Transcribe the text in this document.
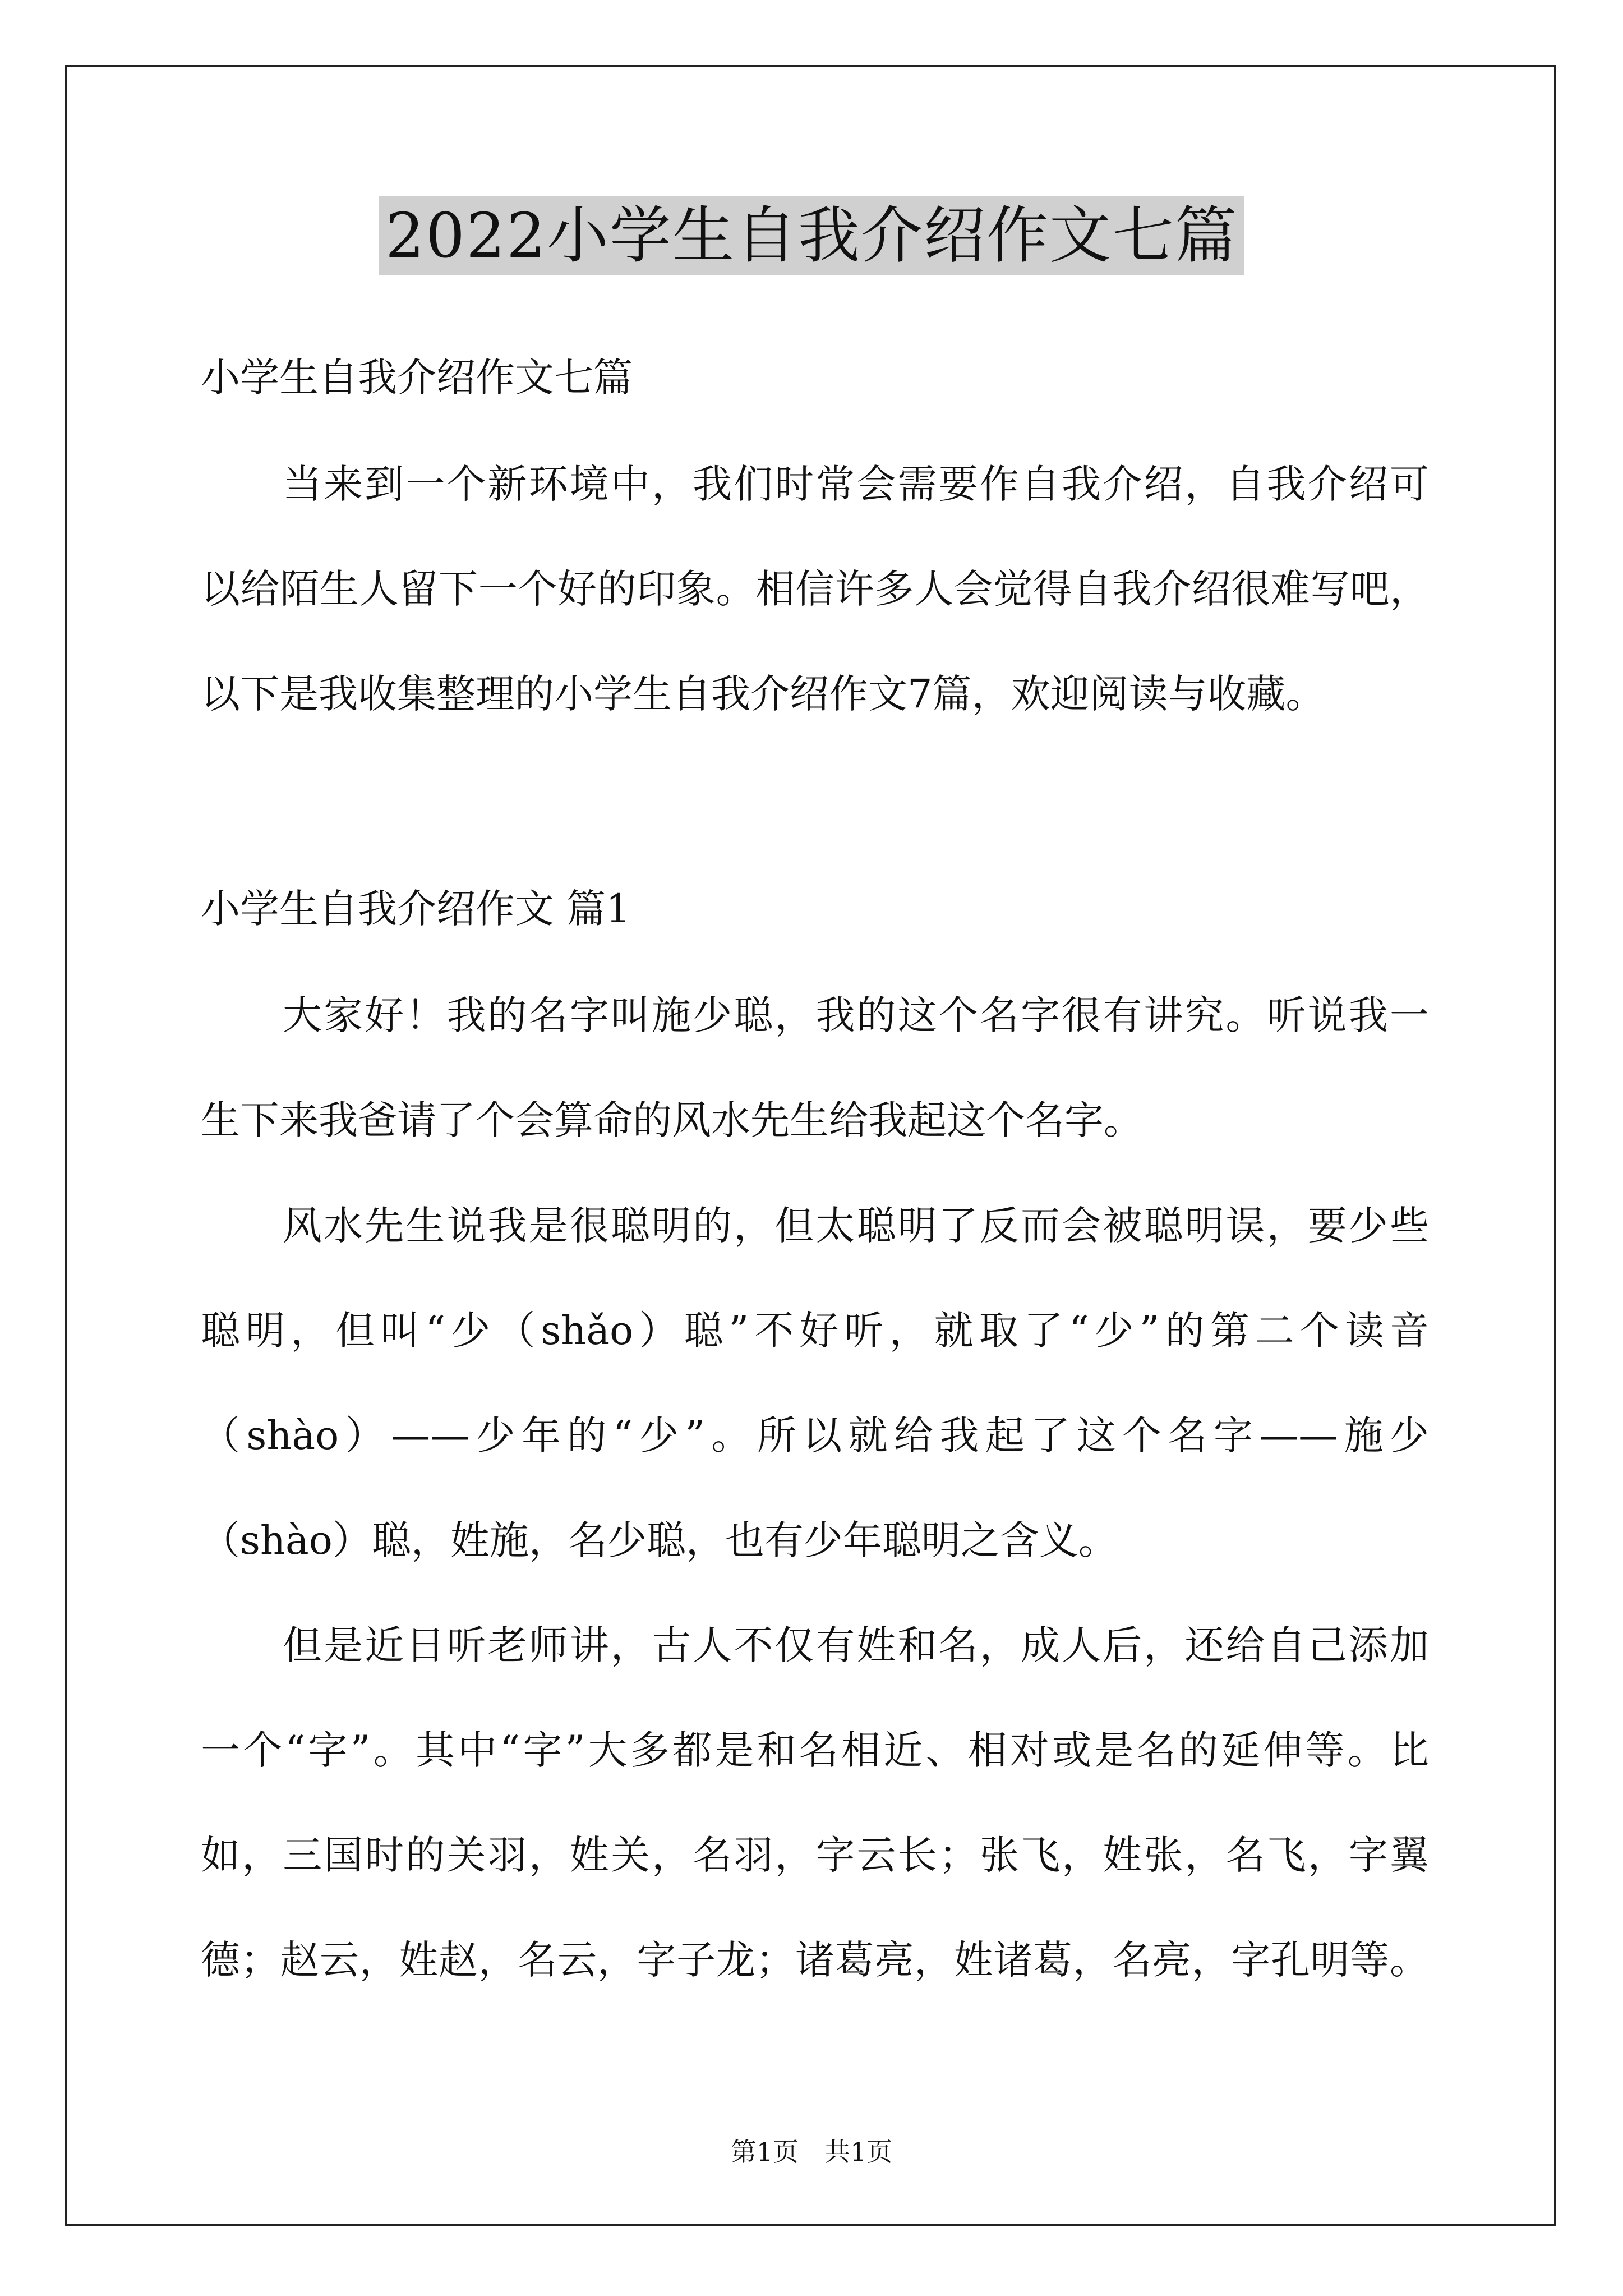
2022小学生自我介绍作文七篇
小学生自我介绍作文七篇
当来到一个新环境中，我们时常会需要作自我介绍，自我介绍可
以给陌生人留下一个好的印象。相信许多人会觉得自我介绍很难写吧，
以下是我收集整理的小学生自我介绍作文7篇，欢迎阅读与收藏。
小学生自我介绍作文 篇1
大家好！我的名字叫施少聪，我的这个名字很有讲究。听说我一
生下来我爸请了个会算命的风水先生给我起这个名字。
风水先生说我是很聪明的，但太聪明了反而会被聪明误，要少些
聪明，但叫“少（shǎo）聪”不好听，就取了“少”的第二个读音
（shào）——少年的“少”。所以就给我起了这个名字——施少
（shào）聪，姓施，名少聪，也有少年聪明之含义。
但是近日听老师讲，古人不仅有姓和名，成人后，还给自己添加
一个“字”。其中“字”大多都是和名相近、相对或是名的延伸等。比
如，三国时的关羽，姓关，名羽，字云长；张飞，姓张，名飞，字翼
德；赵云，姓赵，名云，字子龙；诸葛亮，姓诸葛，名亮，字孔明等。
第1页　共1页
